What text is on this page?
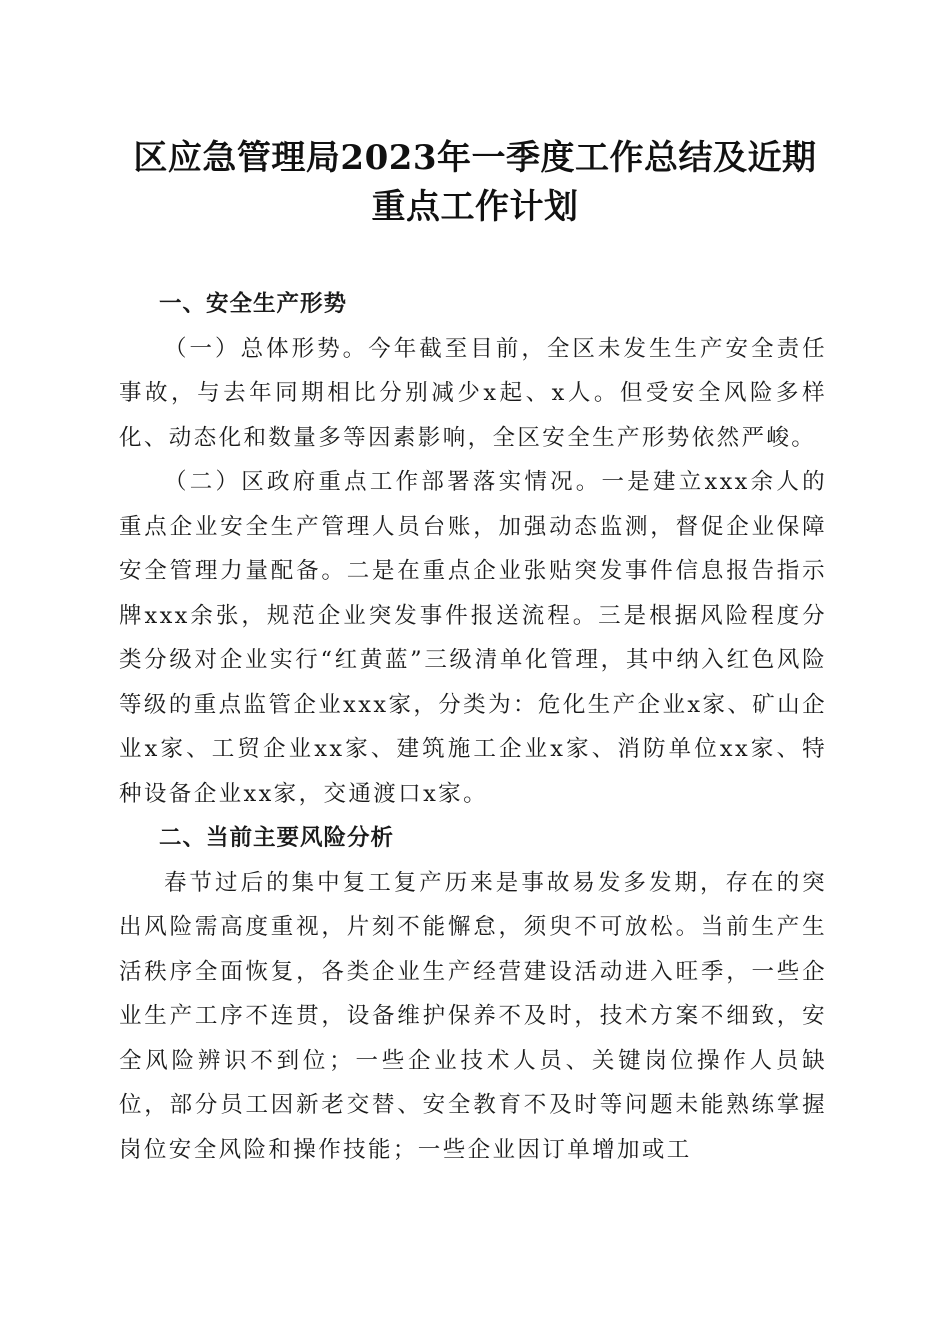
区应急管理局2023年一季度工作总结及近期
重点工作计划
一、安全生产形势

（一）总体形势。今年截至目前，全区未发生生产安全责任事故，与去年同期相比分别减少x起、x人。但受安全风险多样化、动态化和数量多等因素影响，全区安全生产形势依然严峻。

（二）区政府重点工作部署落实情况。一是建立xxx余人的重点企业安全生产管理人员台账，加强动态监测，督促企业保障安全管理力量配备。二是在重点企业张贴突发事件信息报告指示牌xxx余张，规范企业突发事件报送流程。三是根据风险程度分类分级对企业实行“红黄蓝”三级清单化管理，其中纳入红色风险等级的重点监管企业xxx家，分类为：危化生产企业x家、矿山企业x家、工贸企业xx家、建筑施工企业x家、消防单位xx家、特种设备企业xx家，交通渡口x家。

二、当前主要风险分析

春节过后的集中复工复产历来是事故易发多发期，存在的突出风险需高度重视，片刻不能懈怠，须臾不可放松。当前生产生活秩序全面恢复，各类企业生产经营建设活动进入旺季，一些企业生产工序不连贯，设备维护保养不及时，技术方案不细致，安全风险辨识不到位；一些企业技术人员、关键岗位操作人员缺位，部分员工因新老交替、安全教育不及时等问题未能熟练掌握岗位安全风险和操作技能；一些企业因订单增加或工
